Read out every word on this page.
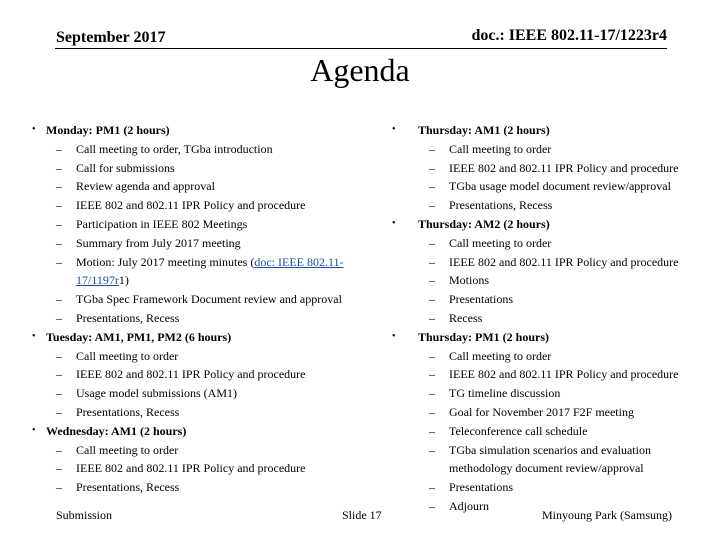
September 2017	doc.: IEEE 802.11-17/1223r4
Agenda
• Monday: PM1 (2 hours)
– Call meeting to order, TGba introduction
– Call for submissions
– Review agenda and approval
– IEEE 802 and 802.11 IPR Policy and procedure
– Participation in IEEE 802 Meetings
– Summary from July 2017 meeting
– Motion: July 2017 meeting minutes (doc: IEEE 802.11-17/1197r1)
– TGba Spec Framework Document review and approval
– Presentations, Recess
• Tuesday: AM1, PM1, PM2 (6 hours)
– Call meeting to order
– IEEE 802 and 802.11 IPR Policy and procedure
– Usage model submissions (AM1)
– Presentations, Recess
• Wednesday: AM1 (2 hours)
– Call meeting to order
– IEEE 802 and 802.11 IPR Policy and procedure
– Presentations, Recess
• Thursday: AM1 (2 hours)
– Call meeting to order
– IEEE 802 and 802.11 IPR Policy and procedure
– TGba usage model document review/approval
– Presentations, Recess
• Thursday: AM2 (2 hours)
– Call meeting to order
– IEEE 802 and 802.11 IPR Policy and procedure
– Motions
– Presentations
– Recess
• Thursday: PM1 (2 hours)
– Call meeting to order
– IEEE 802 and 802.11 IPR Policy and procedure
– TG timeline discussion
– Goal for November 2017 F2F meeting
– Teleconference call schedule
– TGba simulation scenarios and evaluation methodology document review/approval
– Presentations
– Adjourn
Submission	Slide 17	Minyoung Park (Samsung)
